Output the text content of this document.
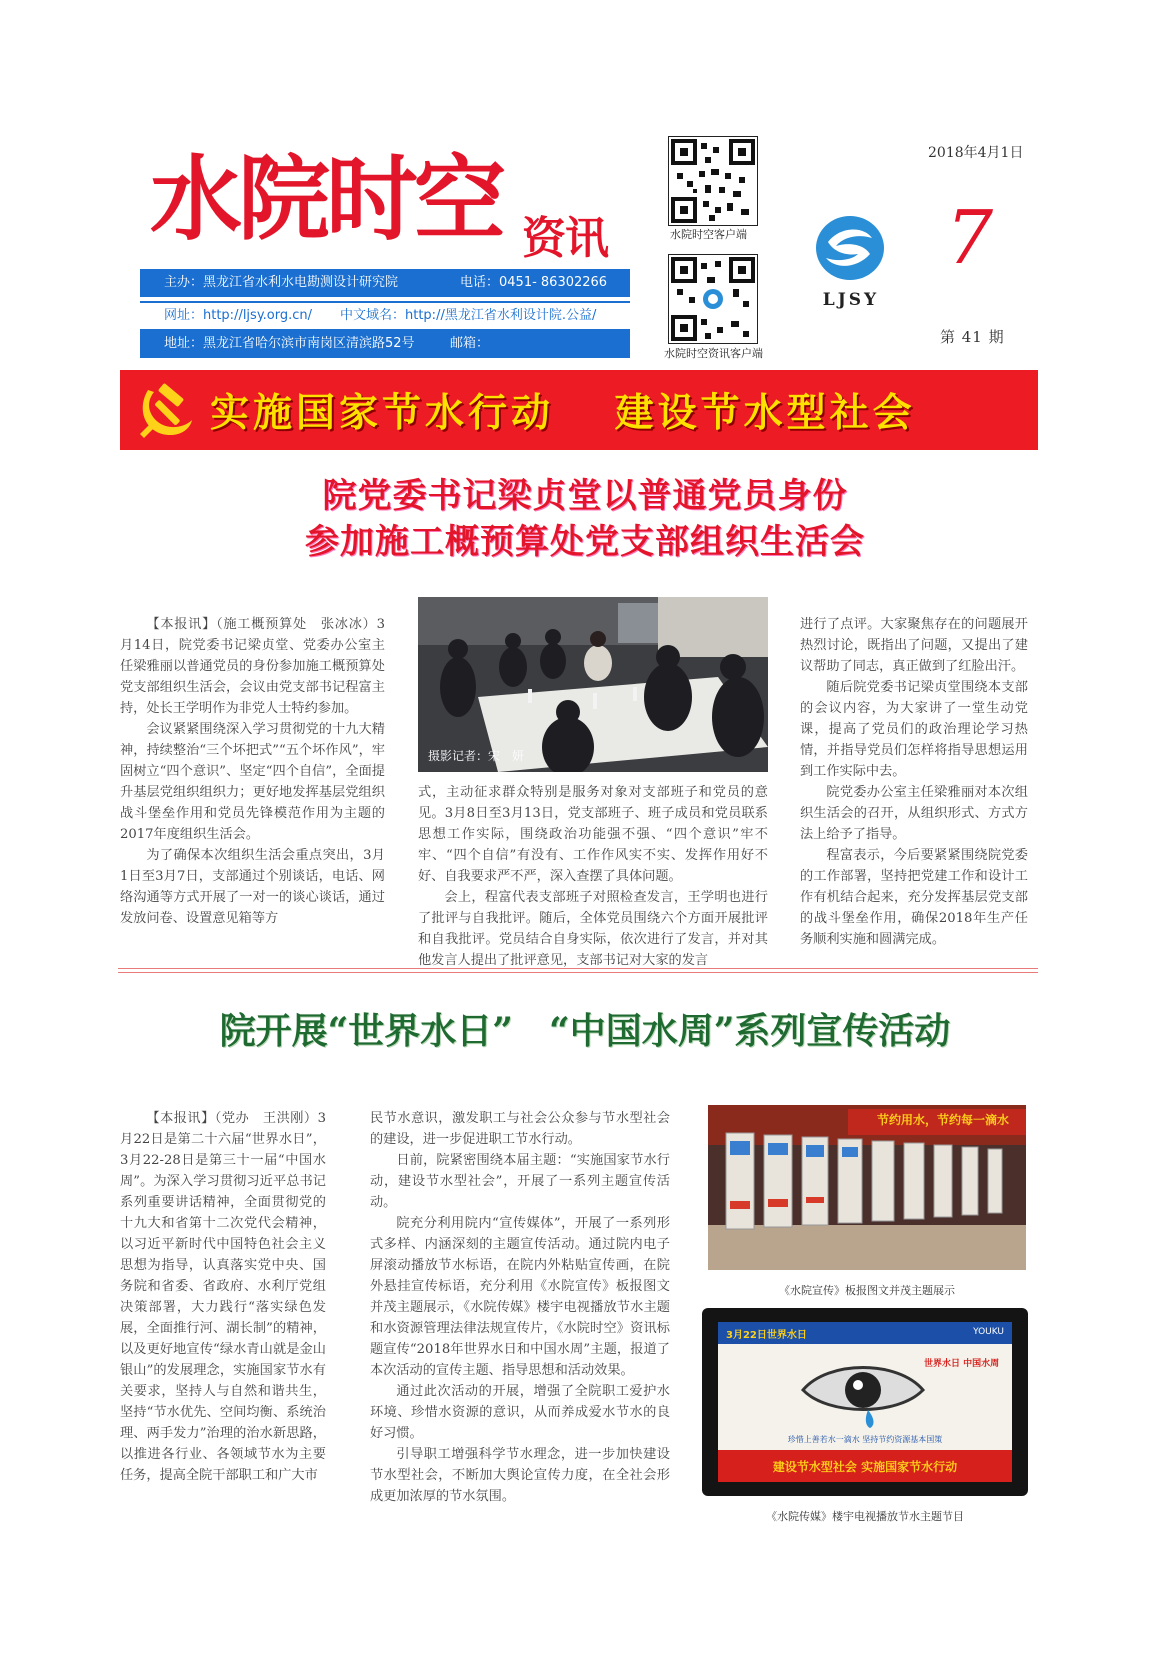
水院时空 资讯
主办：黑龙江省水利水电勘测设计研究院	电话：0451- 86302266
网址：http://ljsy.org.cn/ 中文域名：http://黑龙江省水利设计院.公益/
地址：黑龙江省哈尔滨市南岗区清滨路52号	邮箱：
水院时空客户端
水院时空资讯客户端
LJSY
2018年4月1日
7
第 41 期
实施国家节水行动　 建设节水型社会
院党委书记梁贞堂以普通党员身份
参加施工概预算处党支部组织生活会

【本报讯】（施工概预算处　张冰冰）3月14日，院党委书记梁贞堂、党委办公室主任梁雅丽以普通党员的身份参加施工概预算处党支部组织生活会，会议由党支部书记程富主持，处长王学明作为非党人士特约参加。

会议紧紧围绕深入学习贯彻党的十九大精神，持续整治“三个坏把式”“五个坏作风”，牢固树立“四个意识”、坚定“四个自信”，全面提升基层党组织组织力；更好地发挥基层党组织战斗堡垒作用和党员先锋模范作用为主题的2017年度组织生活会。

为了确保本次组织生活会重点突出，3月1日至3月7日，支部通过个别谈话，电话、网络沟通等方式开展了一对一的谈心谈话，通过发放问卷、设置意见箱等方

摄影记者：宋　妍

式，主动征求群众特别是服务对象对支部班子和党员的意见。3月8日至3月13日，党支部班子、班子成员和党员联系思想工作实际，围绕政治功能强不强、“四个意识”牢不牢、“四个自信”有没有、工作作风实不实、发挥作用好不好、自我要求严不严，深入查摆了具体问题。

会上，程富代表支部班子对照检查发言，王学明也进行了批评与自我批评。随后，全体党员围绕六个方面开展批评和自我批评。党员结合自身实际，依次进行了发言，并对其他发言人提出了批评意见，支部书记对大家的发言

进行了点评。大家聚焦存在的问题展开热烈讨论，既指出了问题，又提出了建议帮助了同志，真正做到了红脸出汗。

随后院党委书记梁贞堂围绕本支部的会议内容，为大家讲了一堂生动党课，提高了党员们的政治理论学习热情，并指导党员们怎样将指导思想运用到工作实际中去。

院党委办公室主任梁雅丽对本次组织生活会的召开，从组织形式、方式方法上给予了指导。

程富表示，今后要紧紧围绕院党委的工作部署，坚持把党建工作和设计工作有机结合起来，充分发挥基层党支部的战斗堡垒作用，确保2018年生产任务顺利实施和圆满完成。

院开展“世界水日”　“中国水周”系列宣传活动

【本报讯】（党办　王洪刚）3月22日是第二十六届“世界水日”，3月22-28日是第三十一届“中国水周”。为深入学习贯彻习近平总书记系列重要讲话精神，全面贯彻党的十九大和省第十二次党代会精神，以习近平新时代中国特色社会主义思想为指导，认真落实党中央、国务院和省委、省政府、水利厅党组决策部署，大力践行“落实绿色发展，全面推行河、湖长制”的精神，以及更好地宣传“绿水青山就是金山银山”的发展理念，实施国家节水有关要求，坚持人与自然和谐共生，坚持“节水优先、空间均衡、系统治理、两手发力”治理的治水新思路，以推进各行业、各领域节水为主要任务，提高全院干部职工和广大市

民节水意识，激发职工与社会公众参与节水型社会的建设，进一步促进职工节水行动。

日前，院紧密围绕本届主题：“实施国家节水行动，建设节水型社会”，开展了一系列主题宣传活动。

院充分利用院内“宣传媒体”，开展了一系列形式多样、内涵深刻的主题宣传活动。通过院内电子屏滚动播放节水标语，在院内外粘贴宣传画，在院外悬挂宣传标语，充分利用《水院宣传》板报图文并茂主题展示，《水院传媒》楼宇电视播放节水主题和水资源管理法律法规宣传片，《水院时空》资讯标题宣传“2018年世界水日和中国水周”主题，报道了本次活动的宣传主题、指导思想和活动效果。

通过此次活动的开展，增强了全院职工爱护水环境、珍惜水资源的意识，从而养成爱水节水的良好习惯。

引导职工增强科学节水理念，进一步加快建设节水型社会，不断加大舆论宣传力度，在全社会形成更加浓厚的节水氛围。

节约用水，节约每一滴水
《水院宣传》板报图文并茂主题展示
3月22日世界水日	YOUKU
世界水日 中国水周
珍惜上善若水一滴水 坚持节约资源基本国策
建设节水型社会 实施国家节水行动
《水院传媒》楼宇电视播放节水主题节目
